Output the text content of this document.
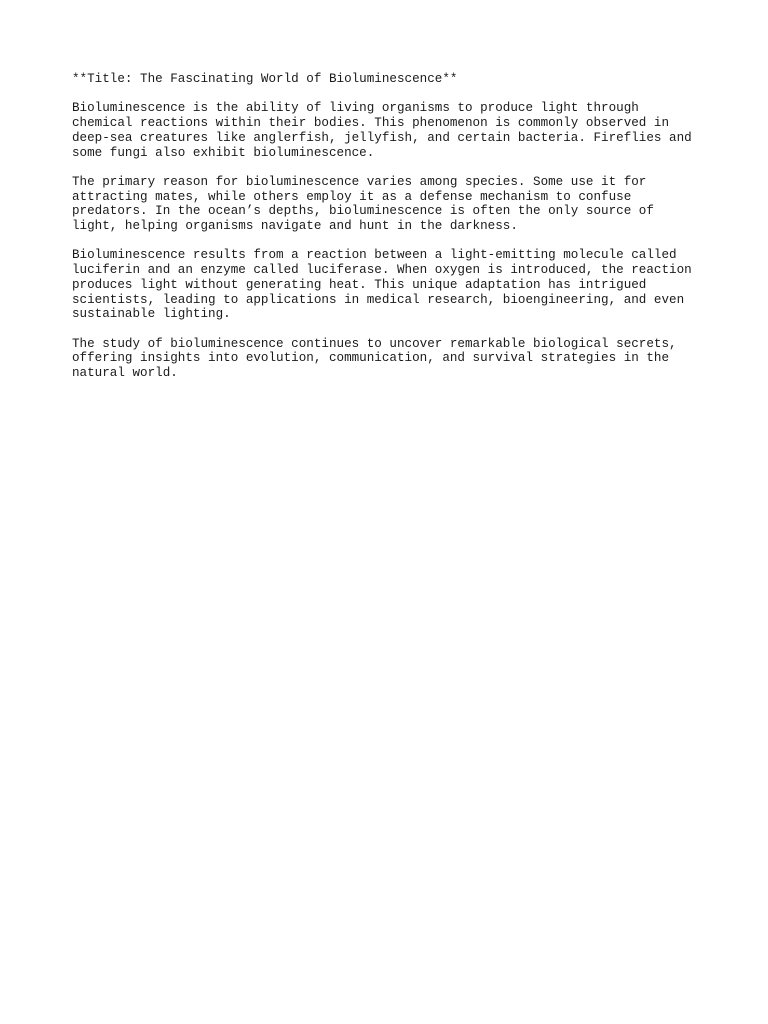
**Title: The Fascinating World of Bioluminescence**

Bioluminescence is the ability of living organisms to produce light through
chemical reactions within their bodies. This phenomenon is commonly observed in
deep-sea creatures like anglerfish, jellyfish, and certain bacteria. Fireflies and
some fungi also exhibit bioluminescence.

The primary reason for bioluminescence varies among species. Some use it for
attracting mates, while others employ it as a defense mechanism to confuse
predators. In the ocean’s depths, bioluminescence is often the only source of
light, helping organisms navigate and hunt in the darkness.

Bioluminescence results from a reaction between a light-emitting molecule called
luciferin and an enzyme called luciferase. When oxygen is introduced, the reaction
produces light without generating heat. This unique adaptation has intrigued
scientists, leading to applications in medical research, bioengineering, and even
sustainable lighting.

The study of bioluminescence continues to uncover remarkable biological secrets,
offering insights into evolution, communication, and survival strategies in the
natural world.
